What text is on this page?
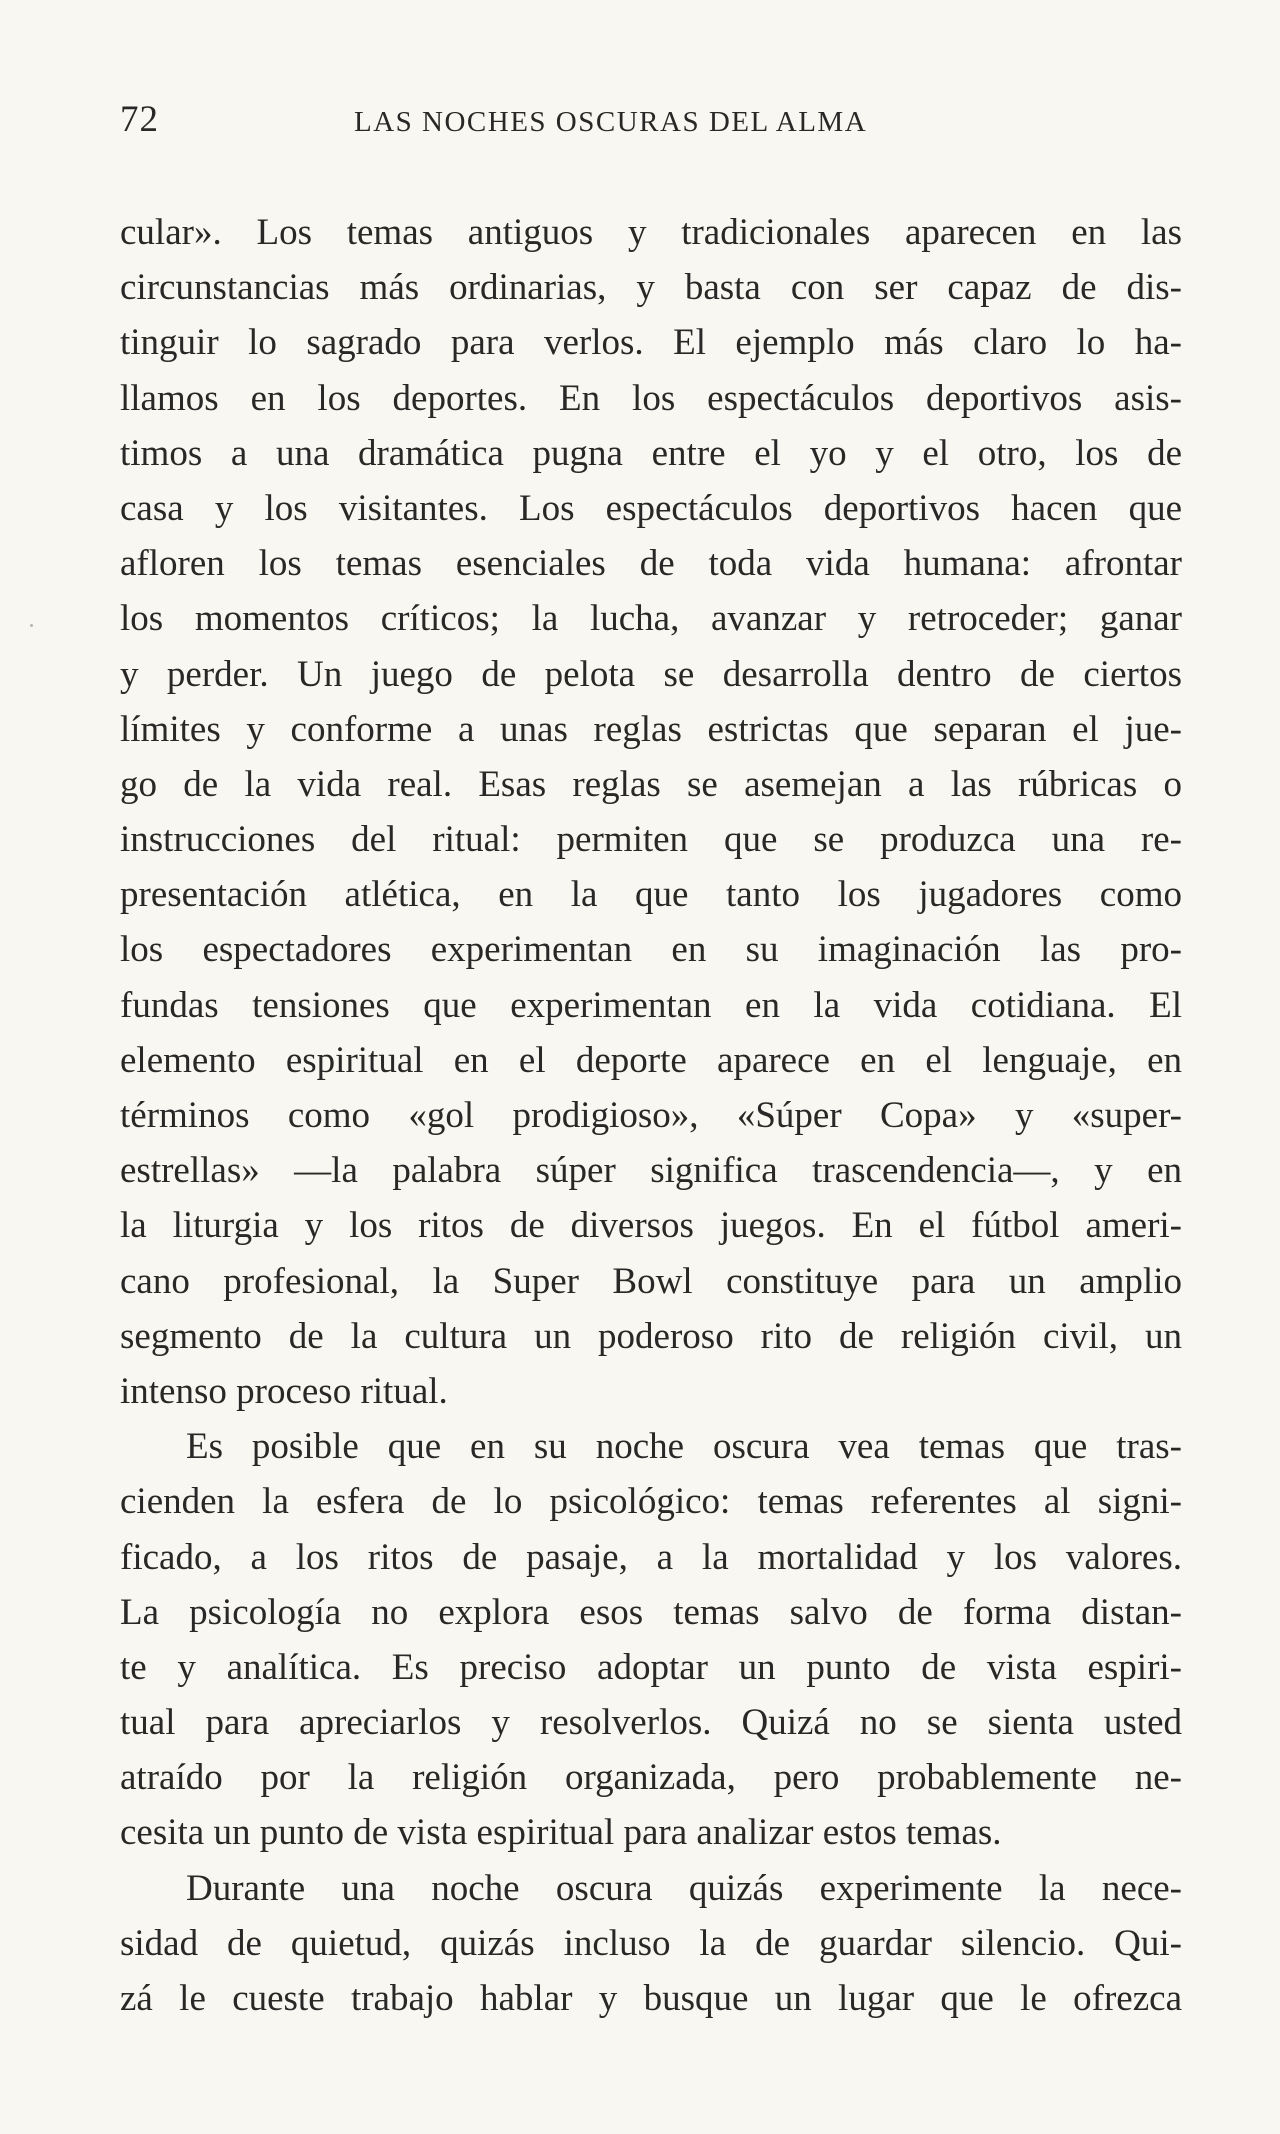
72	LAS NOCHES OSCURAS DEL ALMA
cular». Los temas antiguos y tradicionales aparecen en las
circunstancias más ordinarias, y basta con ser capaz de dis-
tinguir lo sagrado para verlos. El ejemplo más claro lo ha-
llamos en los deportes. En los espectáculos deportivos asis-
timos a una dramática pugna entre el yo y el otro, los de
casa y los visitantes. Los espectáculos deportivos hacen que
afloren los temas esenciales de toda vida humana: afrontar
los momentos críticos; la lucha, avanzar y retroceder; ganar
y perder. Un juego de pelota se desarrolla dentro de ciertos
límites y conforme a unas reglas estrictas que separan el jue-
go de la vida real. Esas reglas se asemejan a las rúbricas o
instrucciones del ritual: permiten que se produzca una re-
presentación atlética, en la que tanto los jugadores como
los espectadores experimentan en su imaginación las pro-
fundas tensiones que experimentan en la vida cotidiana. El
elemento espiritual en el deporte aparece en el lenguaje, en
términos como «gol prodigioso», «Súper Copa» y «super-
estrellas» —la palabra súper significa trascendencia—, y en
la liturgia y los ritos de diversos juegos. En el fútbol ameri-
cano profesional, la Super Bowl constituye para un amplio
segmento de la cultura un poderoso rito de religión civil, un
intenso proceso ritual.
Es posible que en su noche oscura vea temas que tras-
cienden la esfera de lo psicológico: temas referentes al signi-
ficado, a los ritos de pasaje, a la mortalidad y los valores.
La psicología no explora esos temas salvo de forma distan-
te y analítica. Es preciso adoptar un punto de vista espiri-
tual para apreciarlos y resolverlos. Quizá no se sienta usted
atraído por la religión organizada, pero probablemente ne-
cesita un punto de vista espiritual para analizar estos temas.
Durante una noche oscura quizás experimente la nece-
sidad de quietud, quizás incluso la de guardar silencio. Qui-
zá le cueste trabajo hablar y busque un lugar que le ofrezca
